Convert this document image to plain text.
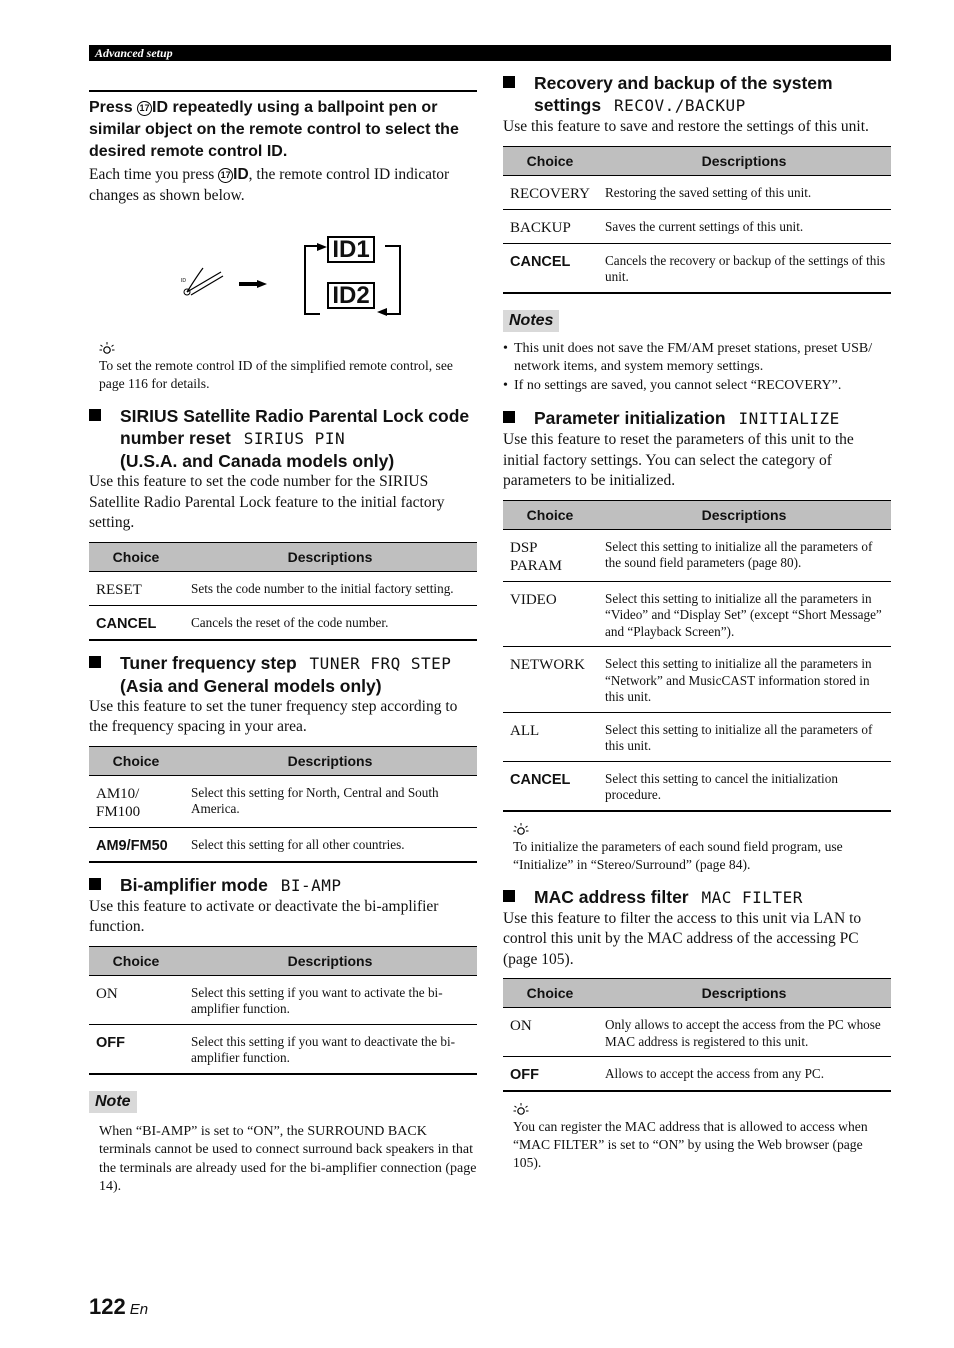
Advanced setup
Press 17 ID repeatedly using a ballpoint pen or similar object on the remote control to select the desired remote control ID.
Each time you press 17 ID, the remote control ID indicator changes as shown below.
ID
ID1
ID2

To set the remote control ID of the simplified remote control, see page 116 for details.

SIRIUS Satellite Radio Parental Lock code number reset SIRIUS PIN
(U.S.A. and Canada models only)

Use this feature to set the code number for the SIRIUS Satellite Radio Parental Lock feature to the initial factory setting.

Choice	Descriptions
RESET	Sets the code number to the initial factory setting.
CANCEL	Cancels the reset of the code number.
Tuner frequency step TUNER FRQ STEP
(Asia and General models only)

Use this feature to set the tuner frequency step according to the frequency spacing in your area.

Choice	Descriptions
AM10/ FM100	Select this setting for North, Central and South America.
AM9/FM50	Select this setting for all other countries.
Bi-amplifier mode BI-AMP

Use this feature to activate or deactivate the bi-amplifier function.

Choice	Descriptions
ON	Select this setting if you want to activate the bi-amplifier function.
OFF	Select this setting if you want to deactivate the bi-amplifier function.
Note

When “BI-AMP” is set to “ON”, the SURROUND BACK terminals cannot be used to connect surround back speakers in that the terminals are already used for the bi-amplifier connection (page 14).

Recovery and backup of the system settings RECOV./BACKUP

Use this feature to save and restore the settings of this unit.

Choice	Descriptions
RECOVERY	Restoring the saved setting of this unit.
BACKUP	Saves the current settings of this unit.
CANCEL	Cancels the recovery or backup of the settings of this unit.
Notes
• This unit does not save the FM/AM preset stations, preset USB/ network items, and system memory settings.
• If no settings are saved, you cannot select “RECOVERY”.
Parameter initialization INITIALIZE

Use this feature to reset the parameters of this unit to the initial factory settings. You can select the category of parameters to be initialized.

Choice	Descriptions
DSP PARAM	Select this setting to initialize all the parameters of the sound field parameters (page 80).
VIDEO	Select this setting to initialize all the parameters in “Video” and “Display Set” (except “Short Message” and “Playback Screen”).
NETWORK	Select this setting to initialize all the parameters in “Network” and MusicCAST information stored in this unit.
ALL	Select this setting to initialize all the parameters of this unit.
CANCEL	Select this setting to cancel the initialization procedure.

To initialize the parameters of each sound field program, use “Initialize” in “Stereo/Surround” (page 84).

MAC address filter MAC FILTER

Use this feature to filter the access to this unit via LAN to control this unit by the MAC address of the accessing PC (page 105).

Choice	Descriptions
ON	Only allows to accept the access from the PC whose MAC address is registered to this unit.
OFF	Allows to accept the access from any PC.

You can register the MAC address that is allowed to access when “MAC FILTER” is set to “ON” by using the Web browser (page 105).

122 En
